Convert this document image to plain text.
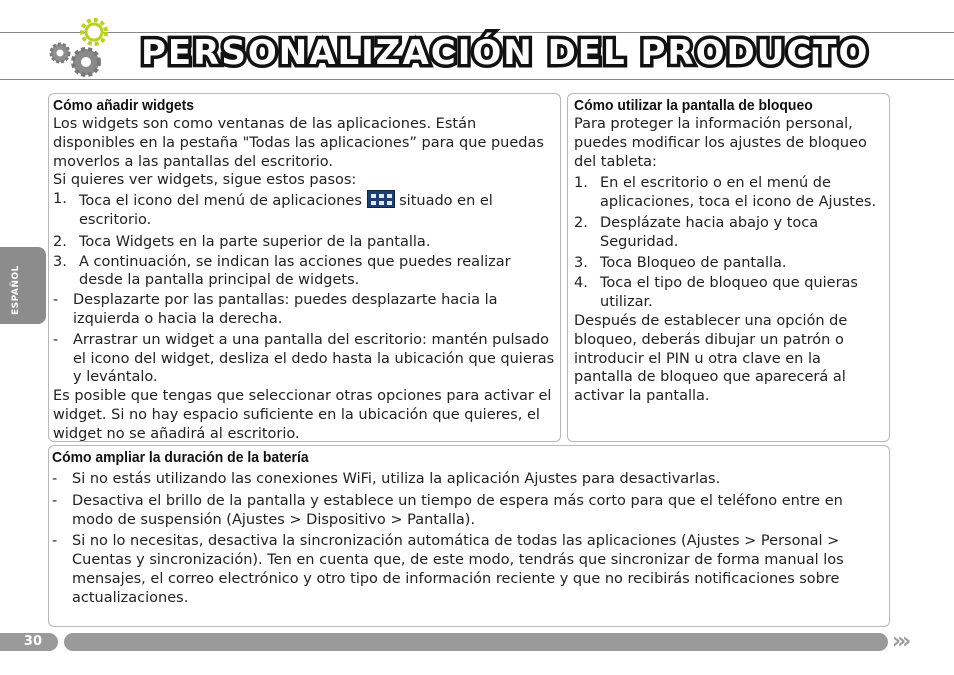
PERSONALIZACIÓN DEL PRODUCTO
ESPAÑOL
Cómo añadir widgets

Los widgets son como ventanas de las aplicaciones. Están disponibles en la pestaña "Todas las aplicaciones” para que puedas moverlos a las pantallas del escritorio.

Si quieres ver widgets, sigue estos pasos:

1. Toca el icono del menú de aplicaciones	situado en el escritorio.
2. Toca Widgets en la parte superior de la pantalla.
3. A continuación, se indican las acciones que puedes realizar desde la pantalla principal de widgets.
- Desplazarte por las pantallas: puedes desplazarte hacia la izquierda o hacia la derecha.
- Arrastrar un widget a una pantalla del escritorio: mantén pulsado el icono del widget, desliza el dedo hasta la ubicación que quieras y levántalo.

Es posible que tengas que seleccionar otras opciones para activar el widget. Si no hay espacio suficiente en la ubicación que quieres, el widget no se añadirá al escritorio.

Cómo utilizar la pantalla de bloqueo

Para proteger la información personal, puedes modificar los ajustes de bloqueo del tableta:

1. En el escritorio o en el menú de aplicaciones, toca el icono de Ajustes.
2. Desplázate hacia abajo y toca Seguridad.
3. Toca Bloqueo de pantalla.
4. Toca el tipo de bloqueo que quieras utilizar.

Después de establecer una opción de bloqueo, deberás dibujar un patrón o introducir el PIN u otra clave en la pantalla de bloqueo que aparecerá al activar la pantalla.

Cómo ampliar la duración de la batería
- Si no estás utilizando las conexiones WiFi, utiliza la aplicación Ajustes para desactivarlas.
- Desactiva el brillo de la pantalla y establece un tiempo de espera más corto para que el teléfono entre en modo de suspensión (Ajustes > Dispositivo > Pantalla).
- Si no lo necesitas, desactiva la sincronización automática de todas las aplicaciones (Ajustes > Personal > Cuentas y sincronización). Ten en cuenta que, de este modo, tendrás que sincronizar de forma manual los mensajes, el correo electrónico y otro tipo de información reciente y que no recibirás notificaciones sobre actualizaciones.
30	›››
